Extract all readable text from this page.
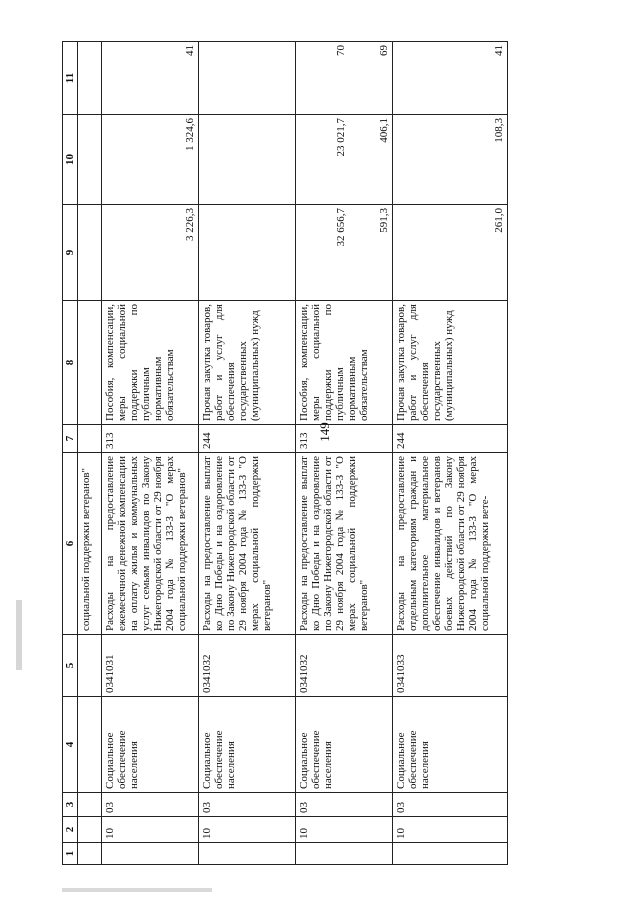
149
1	2	3	4	5	6	7	8	9	10	11
					социальной поддержки ветеранов"					
	10	03	Социальное обеспечение населения	0341031	Расходы на предоставление ежемесячной денежной компенсации на оплату жилья и коммунальных услуг семьям инвалидов по Закону Нижегородской области от 29 ноября 2004 года № 133-З "О мерах социальной поддержки ветеранов"	313	Пособия, компенсации, меры социальной поддержки по публичным нормативным обязательствам	3 226,3	1 324,6	41
	10	03	Социальное обеспечение населения	0341032	Расходы на предоставление выплат ко Дню Победы и на оздоровление по Закону Нижегородской области от 29 ноября 2004 года № 133-З "О мерах социальной поддержки ветеранов"	244	Прочая закупка товаров, работ и услуг для обеспечения государственных (муниципальных) нужд	32 656,7	23 021,7	70
	10	03	Социальное обеспечение населения	0341032	Расходы на предоставление выплат ко Дню Победы и на оздоровление по Закону Нижегородской области от 29 ноября 2004 года № 133-З "О мерах социальной поддержки ветеранов"	313	Пособия, компенсации, меры социальной поддержки по публичным нормативным обязательствам	591,3	406,1	69
	10	03	Социальное обеспечение населения	0341033	Расходы на предоставление отдельным категориям граждан и дополнительное материальное обеспечение инвалидов и ветеранов боевых действий по Закону Нижегородской области от 29 ноября 2004 года № 133-З "О мерах социальной поддержки вете-	244	Прочая закупка товаров, работ и услуг для обеспечения государственных (муниципальных) нужд	261,0	108,3	41
